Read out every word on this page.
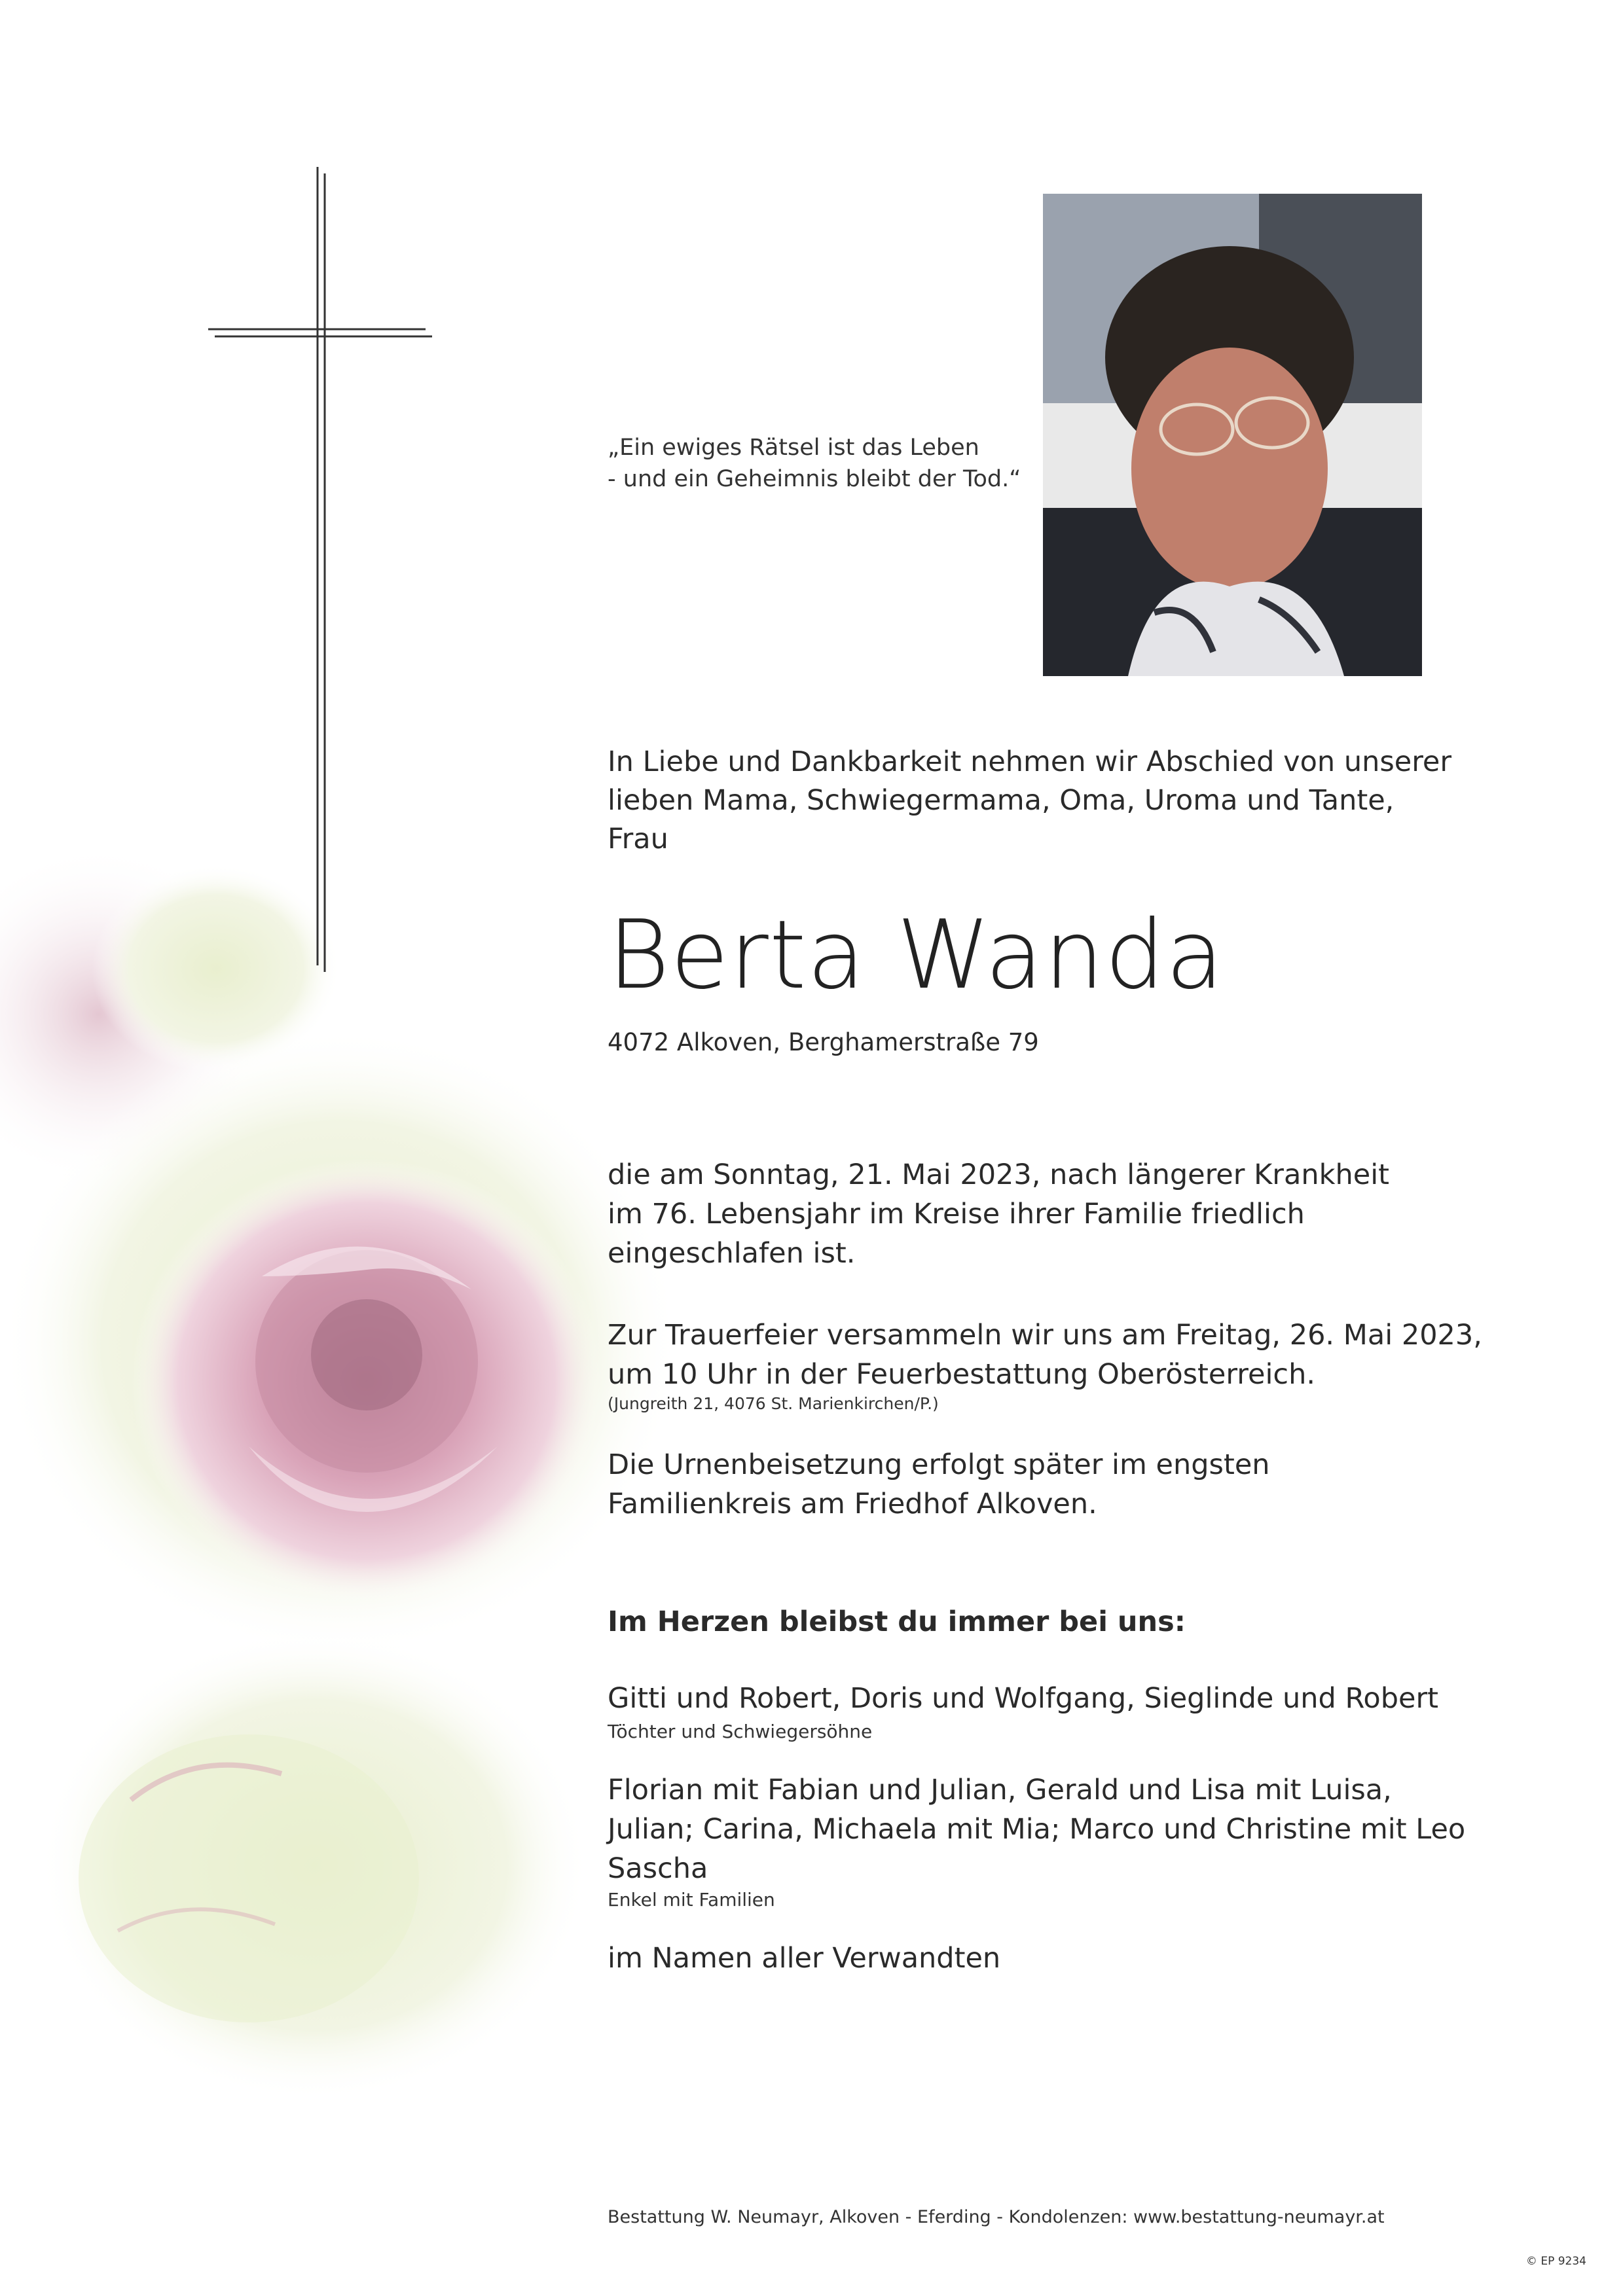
„Ein ewiges Rätsel ist das Leben
- und ein Geheimnis bleibt der Tod.“
In Liebe und Dankbarkeit nehmen wir Abschied von unserer
lieben Mama, Schwiegermama, Oma, Uroma und Tante,
Frau
Berta Wanda
4072 Alkoven, Berghamerstraße 79
die am Sonntag, 21. Mai 2023, nach längerer Krankheit
im 76. Lebensjahr im Kreise ihrer Familie friedlich
eingeschlafen ist.
Zur Trauerfeier versammeln wir uns am Freitag, 26. Mai 2023,
um 10 Uhr in der Feuerbestattung Oberösterreich.
(Jungreith 21, 4076 St. Marienkirchen/P.)
Die Urnenbeisetzung erfolgt später im engsten
Familienkreis am Friedhof Alkoven.
Im Herzen bleibst du immer bei uns:
Gitti und Robert, Doris und Wolfgang, Sieglinde und Robert
Töchter und Schwiegersöhne
Florian mit Fabian und Julian, Gerald und Lisa mit Luisa,
Julian; Carina, Michaela mit Mia; Marco und Christine mit Leo
Sascha
Enkel mit Familien
im Namen aller Verwandten
Bestattung W. Neumayr, Alkoven - Eferding - Kondolenzen: www.bestattung-neumayr.at
© EP 9234
